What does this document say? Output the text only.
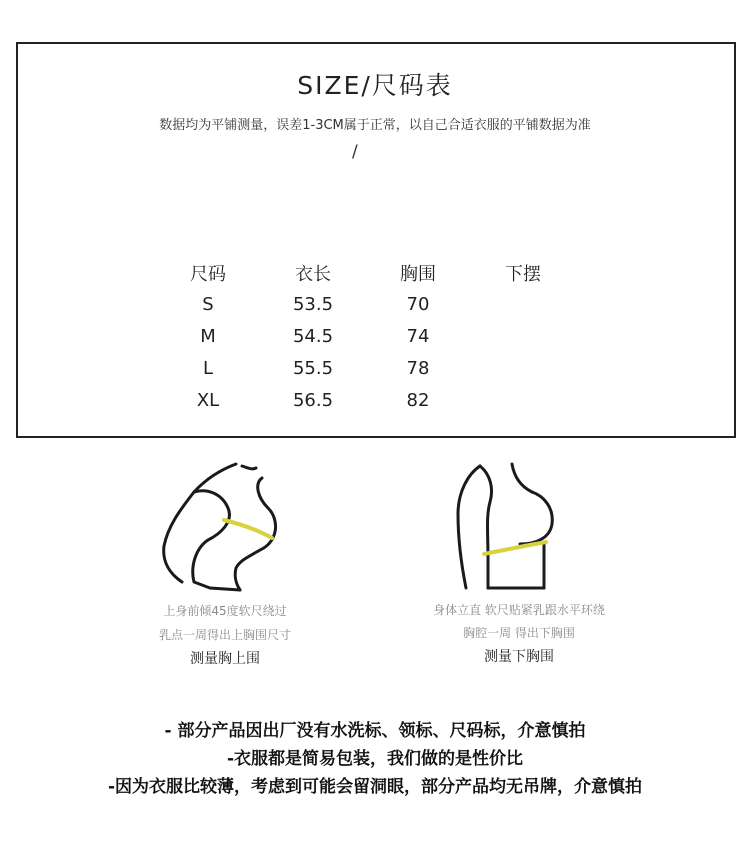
SIZE/尺码表
数据均为平铺测量，误差1-3CM属于正常，以自己合适衣服的平铺数据为准
/
尺码	衣长	胸围	下摆
S	53.5	70
M	54.5	74
L	55.5	78
XL	56.5	82
上身前倾45度软尺绕过
乳点一周得出上胸围尺寸
测量胸上围
身体立直 软尺贴紧乳跟水平环绕
胸腔一周 得出下胸围
测量下胸围
- 部分产品因出厂没有水洗标、领标、尺码标，介意慎拍
-衣服都是简易包装，我们做的是性价比
-因为衣服比较薄，考虑到可能会留洞眼，部分产品均无吊牌，介意慎拍
